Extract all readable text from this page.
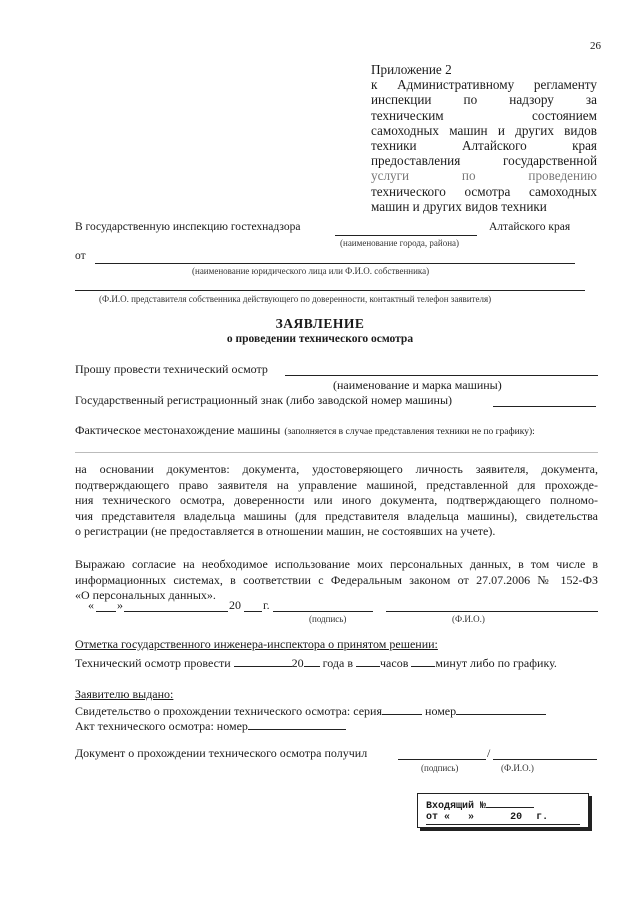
26
Приложение 2
к Административному регламенту
инспекции по надзору за
техническим состоянием
самоходных машин и других видов
техники Алтайского края
предоставления государственной
услуги по проведению
технического осмотра самоходных
машин и других видов техники
В государственную инспекцию гостехнадзора	Алтайского края
(наименование города, района)
от
(наименование юридического лица или Ф.И.О. собственника)
(Ф.И.О. представителя собственника действующего по доверенности, контактный телефон заявителя)
ЗАЯВЛЕНИЕ
о проведении технического осмотра
Прошу провести технический осмотр
(наименование и марка машины)
Государственный регистрационный знак (либо заводской номер машины)
Фактическое местонахождение машины (заполняется в случае представления техники не по графику):
на основании документов: документа, удостоверяющего личность заявителя, документа,
подтверждающего право заявителя на управление машиной, представленной для прохожде-
ния технического осмотра, доверенности или иного документа, подтверждающего полномо-
чия представителя владельца машины (для представителя владельца машины), свидетельства
о регистрации (не предоставляется в отношении машин, не состоявших на учете).
Выражаю согласие на необходимое использование моих персональных данных, в том числе в
информационных системах, в соответствии с Федеральным законом от 27.07.2006 № 152-ФЗ
«О персональных данных».
« »	20 г.
(подпись)	(Ф.И.О.)
Отметка государственного инженера-инспектора о принятом решении:
Технический осмотр провести	20 года в часов минут либо по графику.
Заявителю выдано:
Свидетельство о прохождении технического осмотра: серия	номер
Акт технического осмотра: номер
Документ о прохождении технического осмотра получил	/
(подпись)	(Ф.И.О.)
Входящий №
от « »	20 г.
